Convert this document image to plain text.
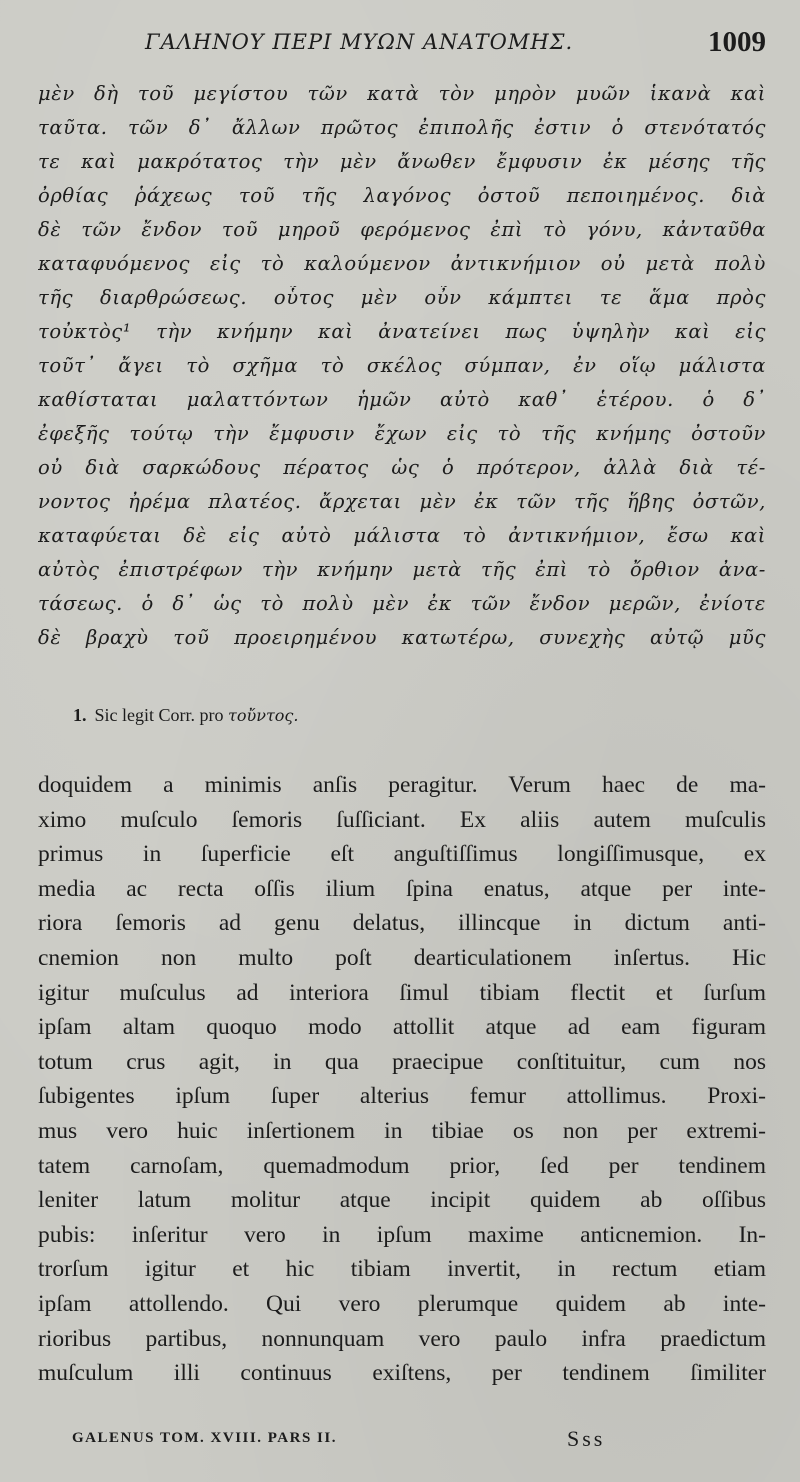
ΓΑΛΗΝΟΥ ΠΕΡΙ ΜΥΩΝ ΑΝΑΤΟΜΗΣ.	1009
μὲν δὴ τοῦ μεγίστου τῶν κατὰ τὸν μηρὸν μυῶν ἱκανὰ καὶ
ταῦτα. τῶν δ᾽ ἄλλων πρῶτος ἐπιπολῆς ἐστιν ὁ στενότατός
τε καὶ μακρότατος τὴν μὲν ἄνωθεν ἔμφυσιν ἐκ μέσης τῆς
ὀρθίας ῥάχεως τοῦ τῆς λαγόνος ὀστοῦ πεποιημένος. διὰ
δὲ τῶν ἔνδον τοῦ μηροῦ φερόμενος ἐπὶ τὸ γόνυ, κἀνταῦθα
καταφυόμενος εἰς τὸ καλούμενον ἀντικνήμιον οὐ μετὰ πολὺ
τῆς διαρθρώσεως. οὗτος μὲν οὖν κάμπτει τε ἅμα πρὸς
τοὐκτὸς¹ τὴν κνήμην καὶ ἀνατείνει πως ὑψηλὴν καὶ εἰς
τοῦτ᾽ ἄγει τὸ σχῆμα τὸ σκέλος σύμπαν, ἐν οἵῳ μάλιστα
καθίσταται μαλαττόντων ἡμῶν αὐτὸ καθ᾽ ἑτέρου. ὁ δ᾽
ἐφεξῆς τούτῳ τὴν ἔμφυσιν ἔχων εἰς τὸ τῆς κνήμης ὀστοῦν
οὐ διὰ σαρκώδους πέρατος ὡς ὁ πρότερον, ἀλλὰ διὰ τέ-
νοντος ἠρέμα πλατέος. ἄρχεται μὲν ἐκ τῶν τῆς ἥβης ὀστῶν,
καταφύεται δὲ εἰς αὐτὸ μάλιστα τὸ ἀντικνήμιον, ἔσω καὶ
αὐτὸς ἐπιστρέφων τὴν κνήμην μετὰ τῆς ἐπὶ τὸ ὄρθιον ἀνα-
τάσεως. ὁ δ᾽ ὡς τὸ πολὺ μὲν ἐκ τῶν ἔνδον μερῶν, ἐνίοτε
δὲ βραχὺ τοῦ προειρημένου κατωτέρω, συνεχὴς αὐτῷ μῦς
1. Sic legit Corr. pro τοὔντος.
doquidem a minimis anſis peragitur. Verum haec de ma-
ximo muſculo ſemoris ſuſſiciant. Ex aliis autem muſculis
primus in ſuperficie eſt anguſtiſſimus longiſſimusque, ex
media ac recta oſſis ilium ſpina enatus, atque per inte-
riora ſemoris ad genu delatus, illincque in dictum anti-
cnemion non multo poſt dearticulationem inſertus. Hic
igitur muſculus ad interiora ſimul tibiam flectit et ſurſum
ipſam altam quoquo modo attollit atque ad eam figuram
totum crus agit, in qua praecipue conſtituitur, cum nos
ſubigentes ipſum ſuper alterius femur attollimus. Proxi-
mus vero huic inſertionem in tibiae os non per extremi-
tatem carnoſam, quemadmodum prior, ſed per tendinem
leniter latum molitur atque incipit quidem ab oſſibus
pubis: inſeritur vero in ipſum maxime anticnemion. In-
trorſum igitur et hic tibiam invertit, in rectum etiam
ipſam attollendo. Qui vero plerumque quidem ab inte-
rioribus partibus, nonnunquam vero paulo infra praedictum
muſculum illi continuus exiſtens, per tendinem ſimiliter
GALENUS TOM. XVIII. PARS II.	Sss
